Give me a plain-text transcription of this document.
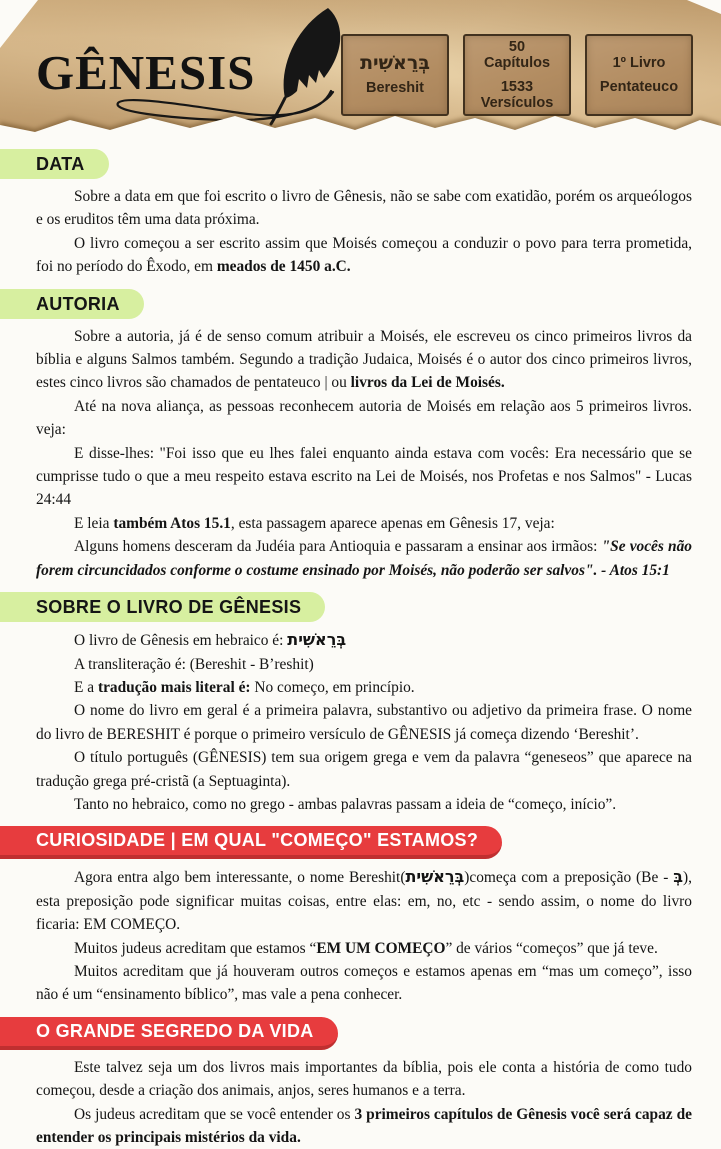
GÊNESIS	בְּרֵאשִׁית
Bereshit
50
Capítulos
1533
Versículos
1º Livro
Pentateuco
DATA

Sobre a data em que foi escrito o livro de Gênesis, não se sabe com exatidão, porém os arqueólogos e os eruditos têm uma data próxima.

O livro começou a ser escrito assim que Moisés começou a conduzir o povo para terra prometida, foi no período do Êxodo, em meados de 1450 a.C.

AUTORIA

Sobre a autoria, já é de senso comum atribuir a Moisés, ele escreveu os cinco primeiros livros da bíblia e alguns Salmos também. Segundo a tradição Judaica, Moisés é o autor dos cinco primeiros livros, estes cinco livros são chamados de pentateuco | ou livros da Lei de Moisés.

Até na nova aliança, as pessoas reconhecem autoria de Moisés em relação aos 5 primeiros livros. veja:

E disse-lhes: "Foi isso que eu lhes falei enquanto ainda estava com vocês: Era necessário que se cumprisse tudo o que a meu respeito estava escrito na Lei de Moisés, nos Profetas e nos Salmos" - Lucas 24:44

E leia também Atos 15.1, esta passagem aparece apenas em Gênesis 17, veja:

Alguns homens desceram da Judéia para Antioquia e passaram a ensinar aos irmãos: "Se vocês não forem circuncidados conforme o costume ensinado por Moisés, não poderão ser salvos". - Atos 15:1

SOBRE O LIVRO DE GÊNESIS

O livro de Gênesis em hebraico é: בְּרֵאשִׁית

A transliteração é: (Bereshit - B’reshit)

E a tradução mais literal é: No começo, em princípio.

O nome do livro em geral é a primeira palavra, substantivo ou adjetivo da primeira frase. O nome do livro de BERESHIT é porque o primeiro versículo de GÊNESIS já começa dizendo ‘Bereshit’.

O título português (GÊNESIS) tem sua origem grega e vem da palavra “geneseos” que aparece na tradução grega pré-cristã (a Septuaginta).

Tanto no hebraico, como no grego - ambas palavras passam a ideia de “começo, início”.

CURIOSIDADE | EM QUAL "COMEÇO" ESTAMOS?

Agora entra algo bem interessante, o nome Bereshit(בְּרֵאשִׁית)começa com a preposição (Be - בְּ), esta preposição pode significar muitas coisas, entre elas: em, no, etc - sendo assim, o nome do livro ficaria: EM COMEÇO.

Muitos judeus acreditam que estamos “EM UM COMEÇO” de vários “começos” que já teve.

Muitos acreditam que já houveram outros começos e estamos apenas em “mas um começo”, isso não é um “ensinamento bíblico”, mas vale a pena conhecer.

O GRANDE SEGREDO DA VIDA

Este talvez seja um dos livros mais importantes da bíblia, pois ele conta a história de como tudo começou, desde a criação dos animais, anjos, seres humanos e a terra.

Os judeus acreditam que se você entender os 3 primeiros capítulos de Gênesis você será capaz de entender os principais mistérios da vida.
